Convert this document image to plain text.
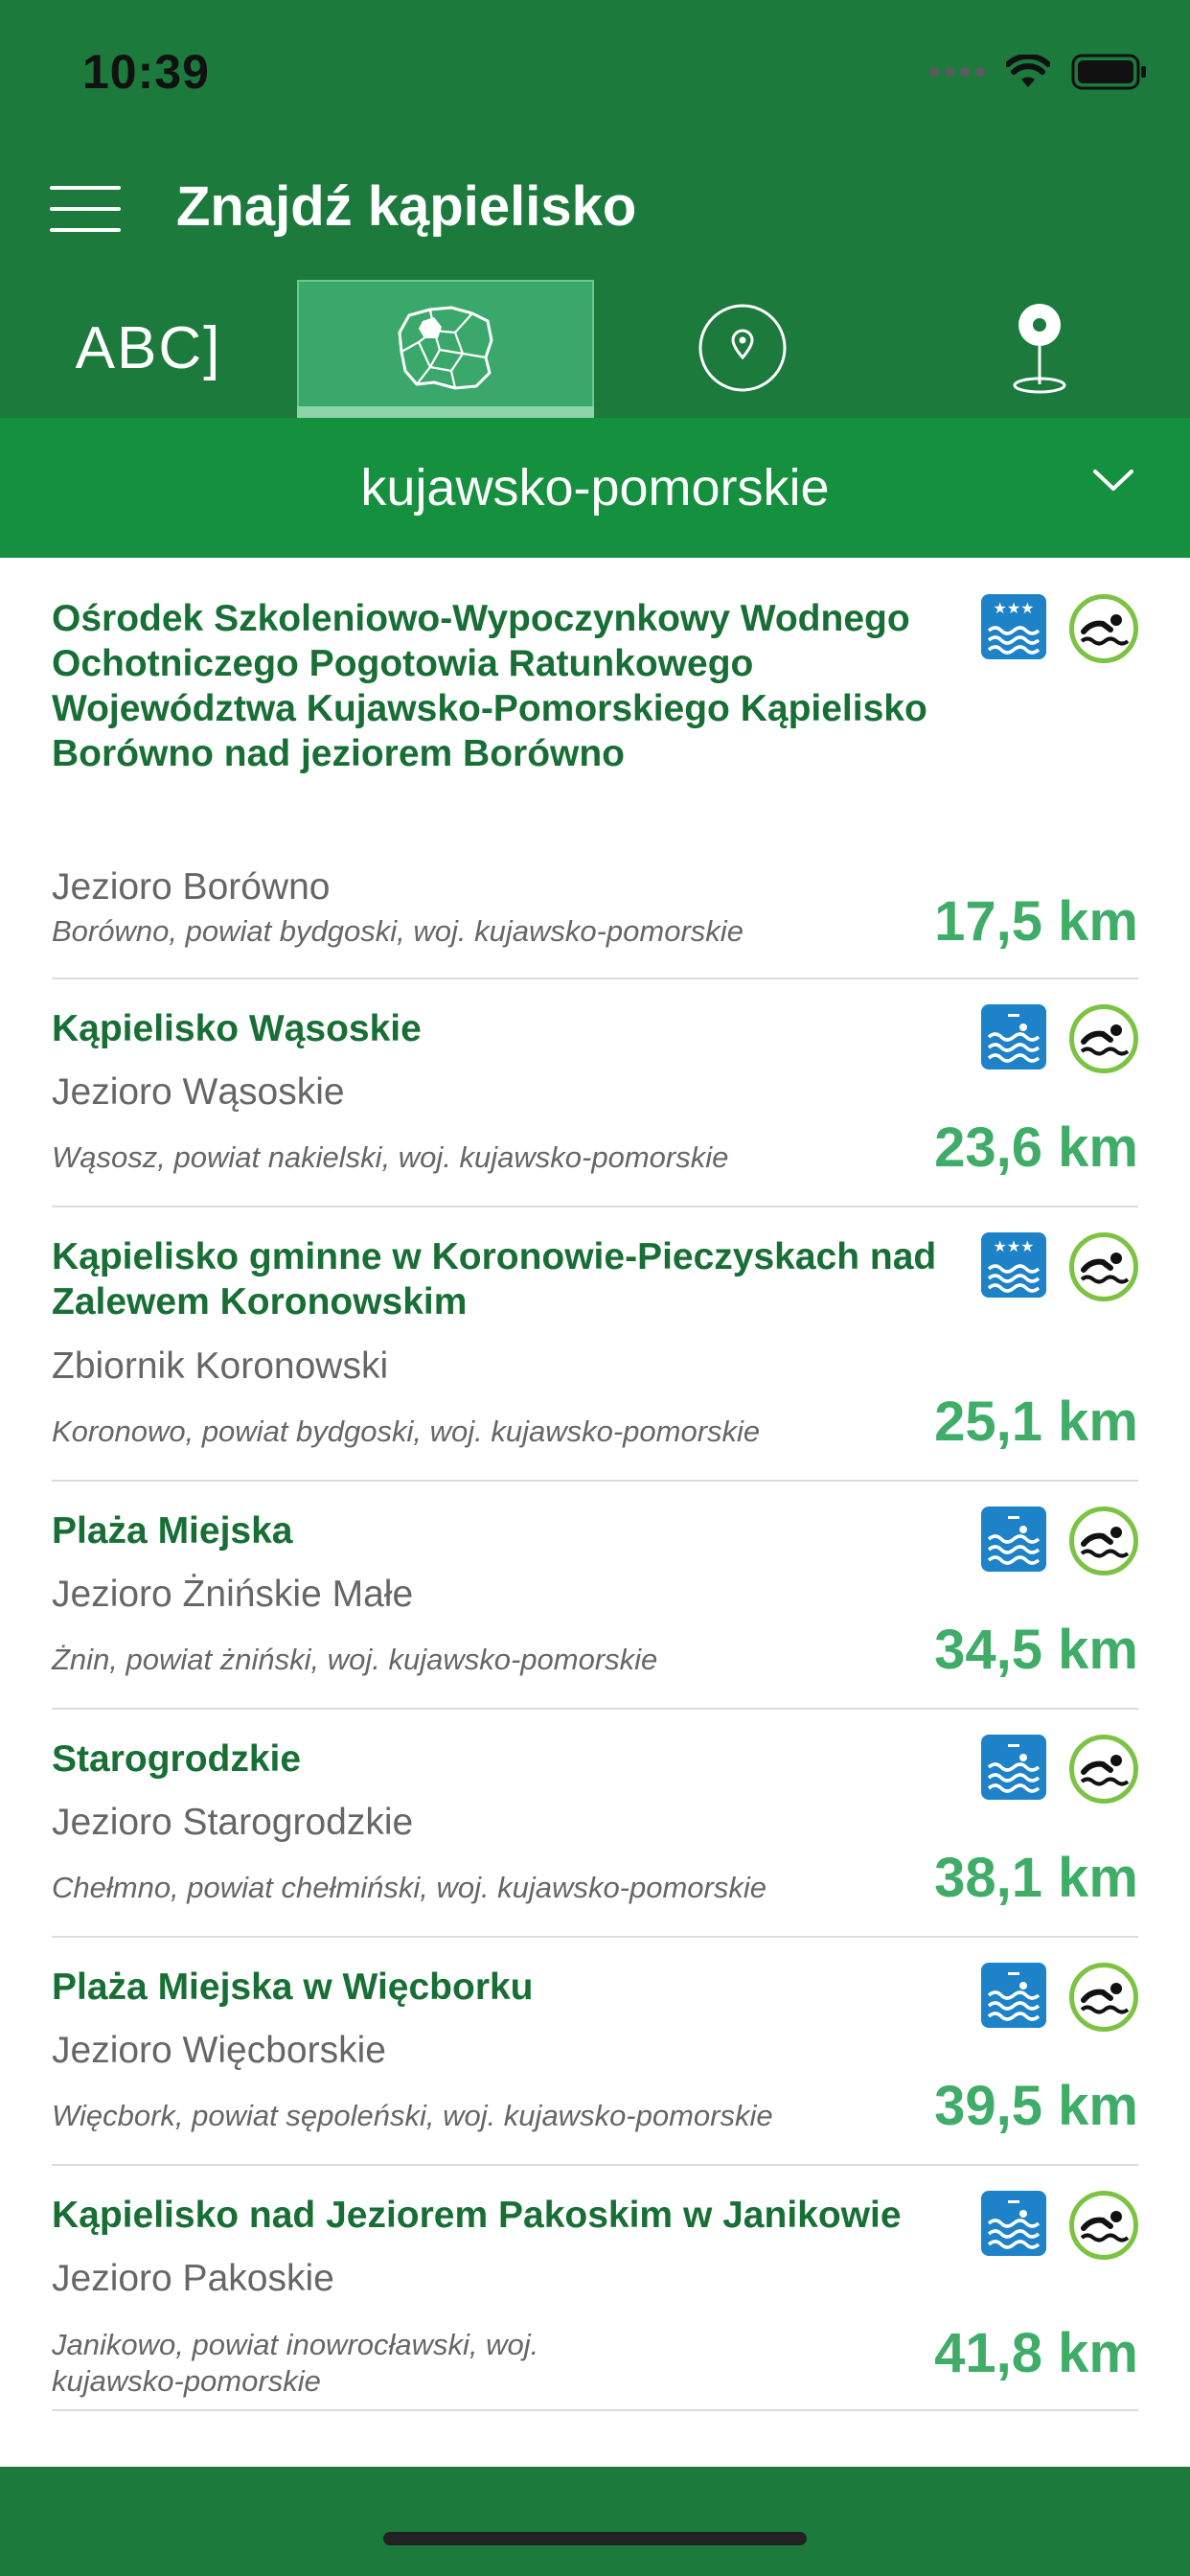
10:39
Znajdź kąpielisko
ABC]
kujawsko-pomorskie
Ośrodek Szkoleniowo-Wypoczynkowy Wodnego Ochotniczego Pogotowia Ratunkowego Województwa Kujawsko-Pomorskiego Kąpielisko Borówno nad jeziorem Borówno
★★★
Jezioro Borówno
Borówno, powiat bydgoski, woj. kujawsko-pomorskie	17,5 km
Kąpielisko Wąsoskie
Jezioro Wąsoskie
Wąsosz, powiat nakielski, woj. kujawsko-pomorskie	23,6 km
Kąpielisko gminne w Koronowie-Pieczyskach nad Zalewem Koronowskim
★★★
Zbiornik Koronowski
Koronowo, powiat bydgoski, woj. kujawsko-pomorskie	25,1 km
Plaża Miejska
Jezioro Żnińskie Małe
Żnin, powiat żniński, woj. kujawsko-pomorskie	34,5 km
Starogrodzkie
Jezioro Starogrodzkie
Chełmno, powiat chełmiński, woj. kujawsko-pomorskie	38,1 km
Plaża Miejska w Więcborku
Jezioro Więcborskie
Więcbork, powiat sępoleński, woj. kujawsko-pomorskie	39,5 km
Kąpielisko nad Jeziorem Pakoskim w Janikowie
Jezioro Pakoskie
Janikowo, powiat inowrocławski, woj. kujawsko-pomorskie	41,8 km
